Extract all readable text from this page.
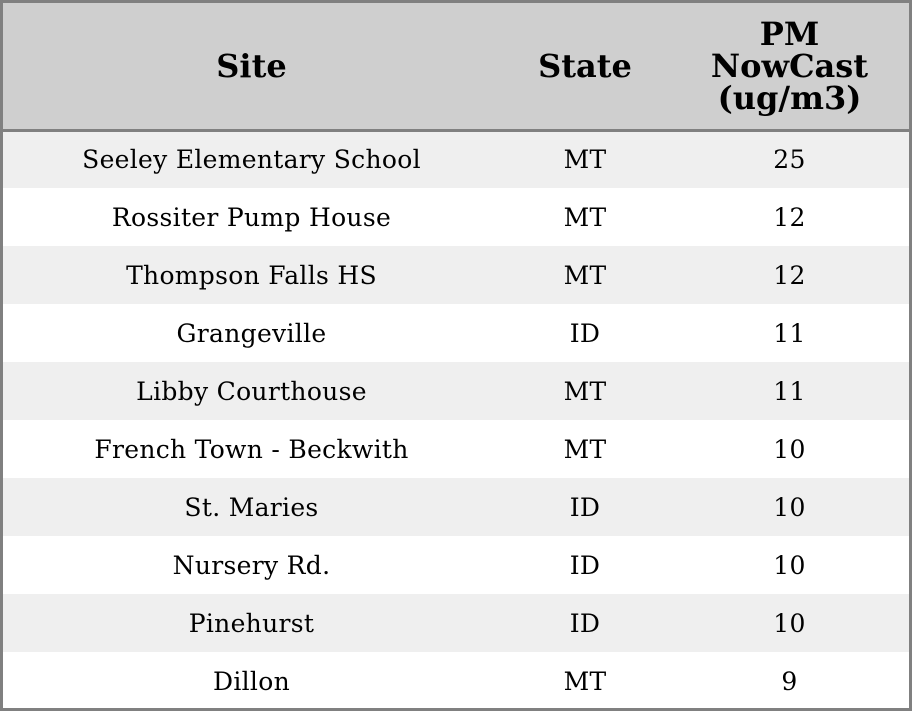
Site	State	PM
NowCast
(ug/m3)

Seeley Elementary School	MT	25
Rossiter Pump House	MT	12
Thompson Falls HS	MT	12
Grangeville	ID	11
Libby Courthouse	MT	11
French Town - Beckwith	MT	10
St. Maries	ID	10
Nursery Rd.	ID	10
Pinehurst	ID	10
Dillon	MT	9
